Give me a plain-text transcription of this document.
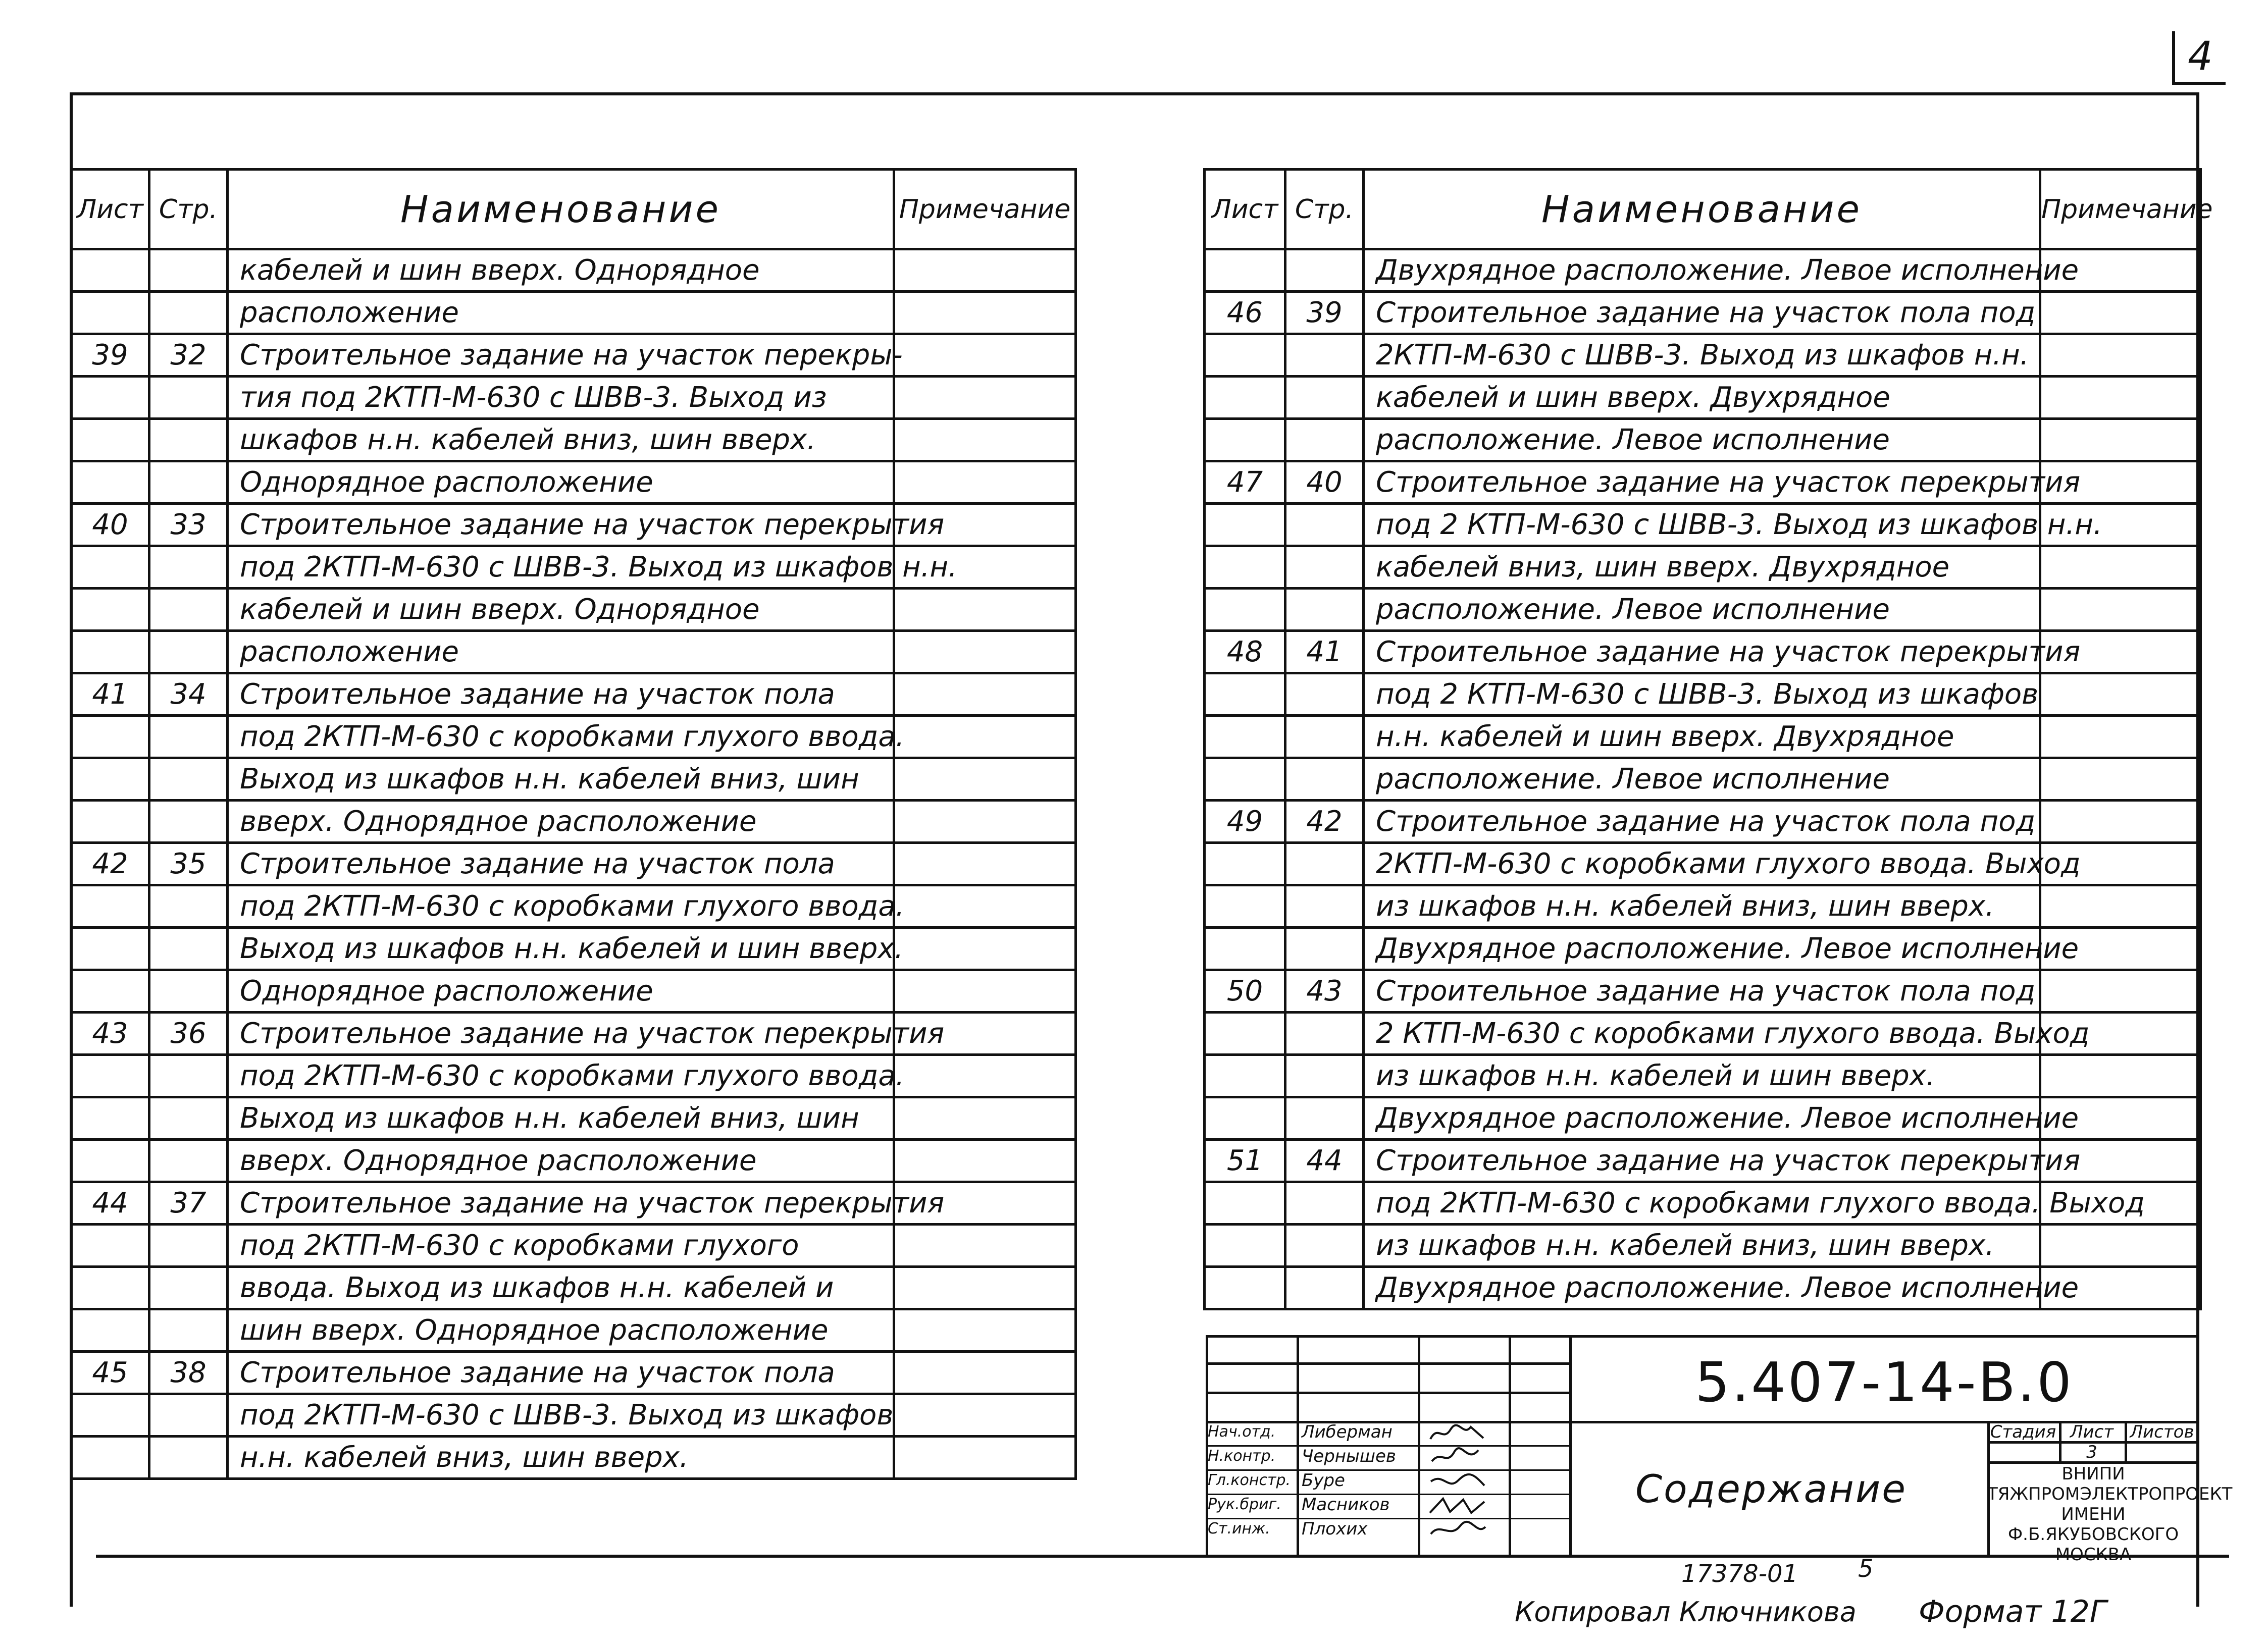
4
Лист	Стр.	Наименование	Примечание
		кабелей и шин вверх. Однорядное	
		расположение	
39	32	Строительное задание на участок перекры-	
		тия под 2КТП-М-630 с ШВВ-3. Выход из	
		шкафов н.н. кабелей вниз, шин вверх.	
		Однорядное расположение	
40	33	Строительное задание на участок перекрытия	
		под 2КТП-М-630 с ШВВ-3. Выход из шкафов н.н.	
		кабелей и шин вверх. Однорядное	
		расположение	
41	34	Строительное задание на участок пола	
		под 2КТП-М-630 с коробками глухого ввода.	
		Выход из шкафов н.н. кабелей вниз, шин	
		вверх. Однорядное расположение	
42	35	Строительное задание на участок пола	
		под 2КТП-М-630 с коробками глухого ввода.	
		Выход из шкафов н.н. кабелей и шин вверх.	
		Однорядное расположение	
43	36	Строительное задание на участок перекрытия	
		под 2КТП-М-630 с коробками глухого ввода.	
		Выход из шкафов н.н. кабелей вниз, шин	
		вверх. Однорядное расположение	
44	37	Строительное задание на участок перекрытия	
		под 2КТП-М-630 с коробками глухого	
		ввода. Выход из шкафов н.н. кабелей и	
		шин вверх. Однорядное расположение	
45	38	Строительное задание на участок пола	
		под 2КТП-М-630 с ШВВ-3. Выход из шкафов	
		н.н. кабелей вниз, шин вверх.	
Лист	Стр.	Наименование	Примечание
		Двухрядное расположение. Левое исполнение	
46	39	Строительное задание на участок пола под	
		2КТП-М-630 с ШВВ-3. Выход из шкафов н.н.	
		кабелей и шин вверх. Двухрядное	
		расположение. Левое исполнение	
47	40	Строительное задание на участок перекрытия	
		под 2 КТП-М-630 с ШВВ-3. Выход из шкафов н.н.	
		кабелей вниз, шин вверх. Двухрядное	
		расположение. Левое исполнение	
48	41	Строительное задание на участок перекрытия	
		под 2 КТП-М-630 с ШВВ-3. Выход из шкафов	
		н.н. кабелей и шин вверх. Двухрядное	
		расположение. Левое исполнение	
49	42	Строительное задание на участок пола под	
		2КТП-М-630 с коробками глухого ввода. Выход	
		из шкафов н.н. кабелей вниз, шин вверх.	
		Двухрядное расположение. Левое исполнение	
50	43	Строительное задание на участок пола под	
		2 КТП-М-630 с коробками глухого ввода. Выход	
		из шкафов н.н. кабелей и шин вверх.	
		Двухрядное расположение. Левое исполнение	
51	44	Строительное задание на участок перекрытия	
		под 2КТП-М-630 с коробками глухого ввода. Выход	
		из шкафов н.н. кабелей вниз, шин вверх.	
		Двухрядное расположение. Левое исполнение	
5.407-14-В.0
Содержание
Стадия Лист Листов
3
ВНИПИ
ТЯЖПРОМЭЛЕКТРОПРОЕКТ
ИМЕНИ Ф.Б.ЯКУБОВСКОГО
МОСКВА
Нач.отд.	Либерман
Н.контр.	Чернышев
Гл.констр. Буре
Рук.бриг.	Масников
Ст.инж.	Плохих
17378-01 5
Копировал Ключникова Формат 12Г
